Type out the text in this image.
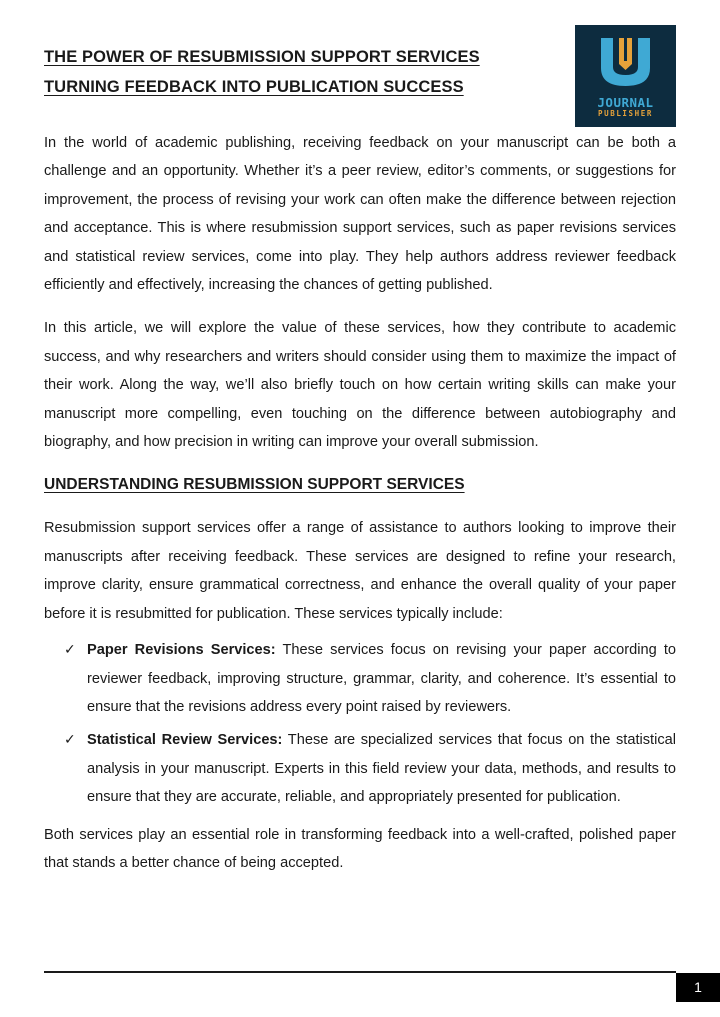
THE POWER OF RESUBMISSION SUPPORT SERVICES
TURNING FEEDBACK INTO PUBLICATION SUCCESS
JOURNAL
PUBLISHER

In the world of academic publishing, receiving feedback on your manuscript can be both a challenge and an opportunity. Whether it’s a peer review, editor’s comments, or suggestions for improvement, the process of revising your work can often make the difference between rejection and acceptance. This is where resubmission support services, such as paper revisions services and statistical review services, come into play. They help authors address reviewer feedback efficiently and effectively, increasing the chances of getting published.

In this article, we will explore the value of these services, how they contribute to academic success, and why researchers and writers should consider using them to maximize the impact of their work. Along the way, we’ll also briefly touch on how certain writing skills can make your manuscript more compelling, even touching on the difference between autobiography and biography, and how precision in writing can improve your overall submission.

UNDERSTANDING RESUBMISSION SUPPORT SERVICES

Resubmission support services offer a range of assistance to authors looking to improve their manuscripts after receiving feedback. These services are designed to refine your research, improve clarity, ensure grammatical correctness, and enhance the overall quality of your paper before it is resubmitted for publication. These services typically include:

✓ Paper Revisions Services: These services focus on revising your paper according to reviewer feedback, improving structure, grammar, clarity, and coherence. It’s essential to ensure that the revisions address every point raised by reviewers.

✓ Statistical Review Services: These are specialized services that focus on the statistical analysis in your manuscript. Experts in this field review your data, methods, and results to ensure that they are accurate, reliable, and appropriately presented for publication.

Both services play an essential role in transforming feedback into a well-crafted, polished paper that stands a better chance of being accepted.

1
